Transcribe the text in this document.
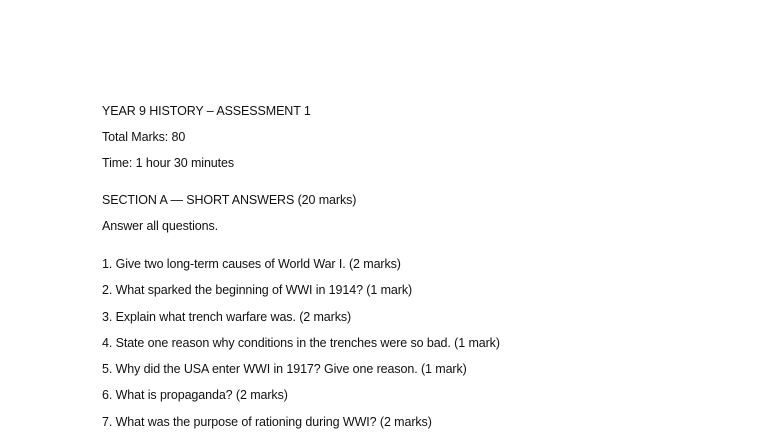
YEAR 9 HISTORY – ASSESSMENT 1
Total Marks: 80
Time: 1 hour 30 minutes
SECTION A — SHORT ANSWERS (20 marks)
Answer all questions.
1. Give two long-term causes of World War I. (2 marks)
2. What sparked the beginning of WWI in 1914? (1 mark)
3. Explain what trench warfare was. (2 marks)
4. State one reason why conditions in the trenches were so bad. (1 mark)
5. Why did the USA enter WWI in 1917? Give one reason. (1 mark)
6. What is propaganda? (2 marks)
7. What was the purpose of rationing during WWI? (2 marks)
